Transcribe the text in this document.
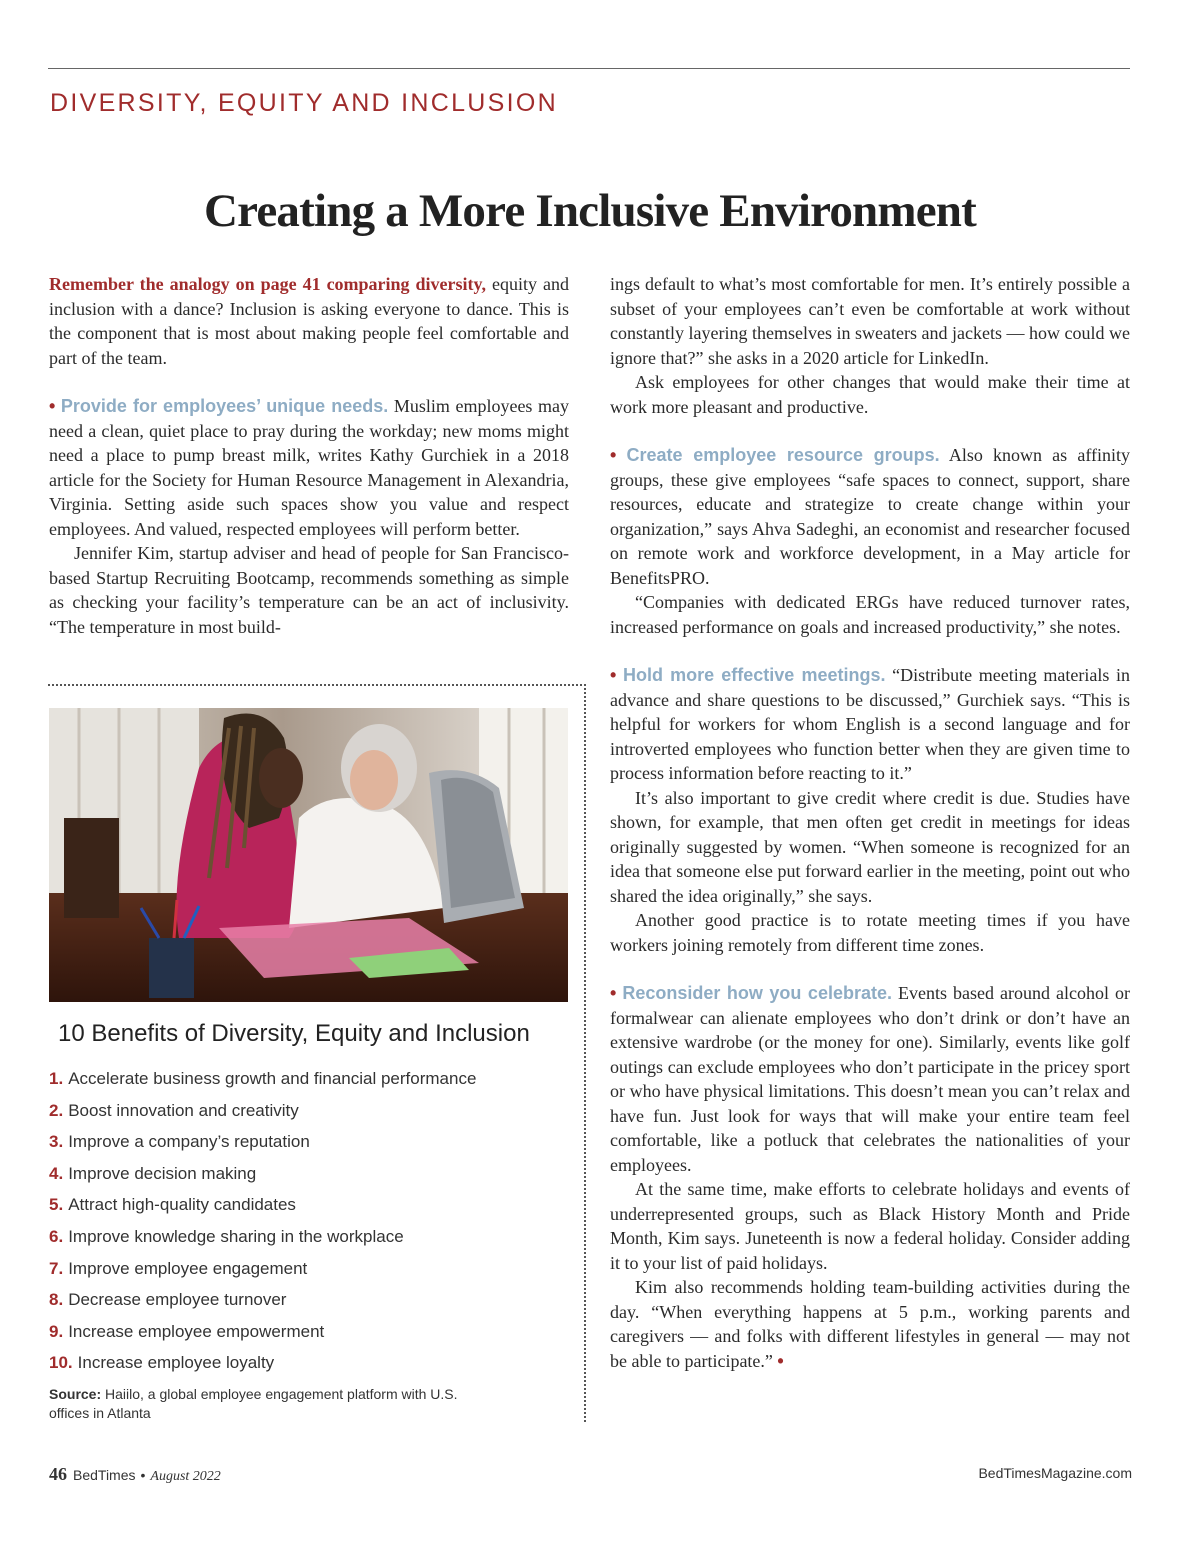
DIVERSITY, EQUITY AND INCLUSION
Creating a More Inclusive Environment

Remember the analogy on page 41 comparing diversity, equity and inclusion with a dance? Inclusion is asking everyone to dance. This is the component that is most about making people feel comfortable and part of the team.

• Provide for employees’ unique needs. Muslim employees may need a clean, quiet place to pray during the workday; new moms might need a place to pump breast milk, writes Kathy Gurchiek in a 2018 article for the Society for Human Resource Management in Alexandria, Virginia. Setting aside such spaces show you value and respect employees. And valued, respected employees will perform better.

Jennifer Kim, startup adviser and head of people for San Francisco-based Startup Recruiting Bootcamp, recommends something as simple as checking your facility’s temperature can be an act of inclusivity. “The temperature in most build-

10 Benefits of Diversity, Equity and Inclusion
1. Accelerate business growth and financial performance
2. Boost innovation and creativity
3. Improve a company’s reputation
4. Improve decision making
5. Attract high-quality candidates
6. Improve knowledge sharing in the workplace
7. Improve employee engagement
8. Decrease employee turnover
9. Increase employee empowerment
10. Increase employee loyalty
Source: Haiilo, a global employee engagement platform with U.S. offices in Atlanta

ings default to what’s most comfortable for men. It’s entirely possible a subset of your employees can’t even be comfortable at work without constantly layering themselves in sweaters and jackets — how could we ignore that?” she asks in a 2020 article for LinkedIn.

Ask employees for other changes that would make their time at work more pleasant and productive.

• Create employee resource groups. Also known as affinity groups, these give employees “safe spaces to connect, support, share resources, educate and strategize to create change within your organization,” says Ahva Sadeghi, an economist and researcher focused on remote work and workforce development, in a May article for BenefitsPRO.

“Companies with dedicated ERGs have reduced turnover rates, increased performance on goals and increased productivity,” she notes.

• Hold more effective meetings. “Distribute meeting materials in advance and share questions to be discussed,” Gurchiek says. “This is helpful for workers for whom English is a second language and for introverted employees who function better when they are given time to process information before reacting to it.”

It’s also important to give credit where credit is due. Studies have shown, for example, that men often get credit in meetings for ideas originally suggested by women. “When someone is recognized for an idea that someone else put forward earlier in the meeting, point out who shared the idea originally,” she says.

Another good practice is to rotate meeting times if you have workers joining remotely from different time zones.

• Reconsider how you celebrate. Events based around alcohol or formalwear can alienate employees who don’t drink or don’t have an extensive wardrobe (or the money for one). Similarly, events like golf outings can exclude employees who don’t participate in the pricey sport or who have physical limitations. This doesn’t mean you can’t relax and have fun. Just look for ways that will make your entire team feel comfortable, like a potluck that celebrates the nationalities of your employees.

At the same time, make efforts to celebrate holidays and events of underrepresented groups, such as Black History Month and Pride Month, Kim says. Juneteenth is now a federal holiday. Consider adding it to your list of paid holidays.

Kim also recommends holding team-building activities during the day. “When everything happens at 5 p.m., working parents and caregivers — and folks with different lifestyles in general — may not be able to participate.” •

46 BedTimes • August 2022	BedTimesMagazine.com
